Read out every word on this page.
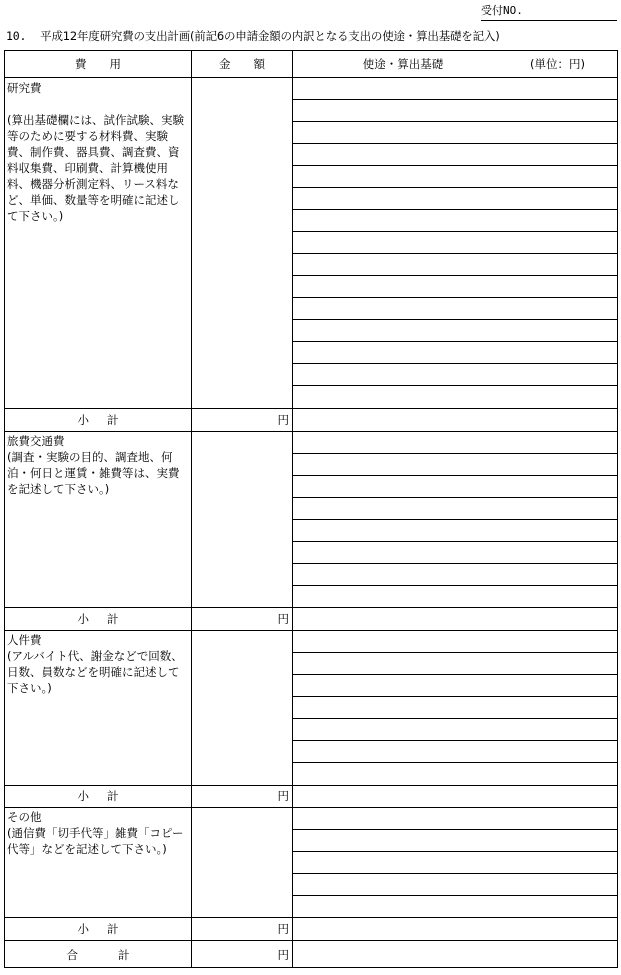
受付NO.
10. 平成12年度研究費の支出計画(前記6の申請金額の内訳となる支出の使途・算出基礎を記入)
費　　用	金　　額	使途・算出基礎	(単位：円)
研究費
(算出基礎欄には、試作試験、実験等のために要する材料費、実験費、制作費、器具費、調査費、資料収集費、印刷費、計算機使用料、機器分析測定料、リース料など、単価、数量等を明確に記述して下さい。)
小計	円
旅費交通費
(調査・実験の目的、調査地、何泊・何日と運賃・雑費等は、実費を記述して下さい。)
小計	円
人件費
(アルバイト代、謝金などで回数、日数、員数などを明確に記述して下さい。)
小計	円
その他
(通信費「切手代等」雑費「コピー代等」などを記述して下さい。)
小計	円
合計	円
